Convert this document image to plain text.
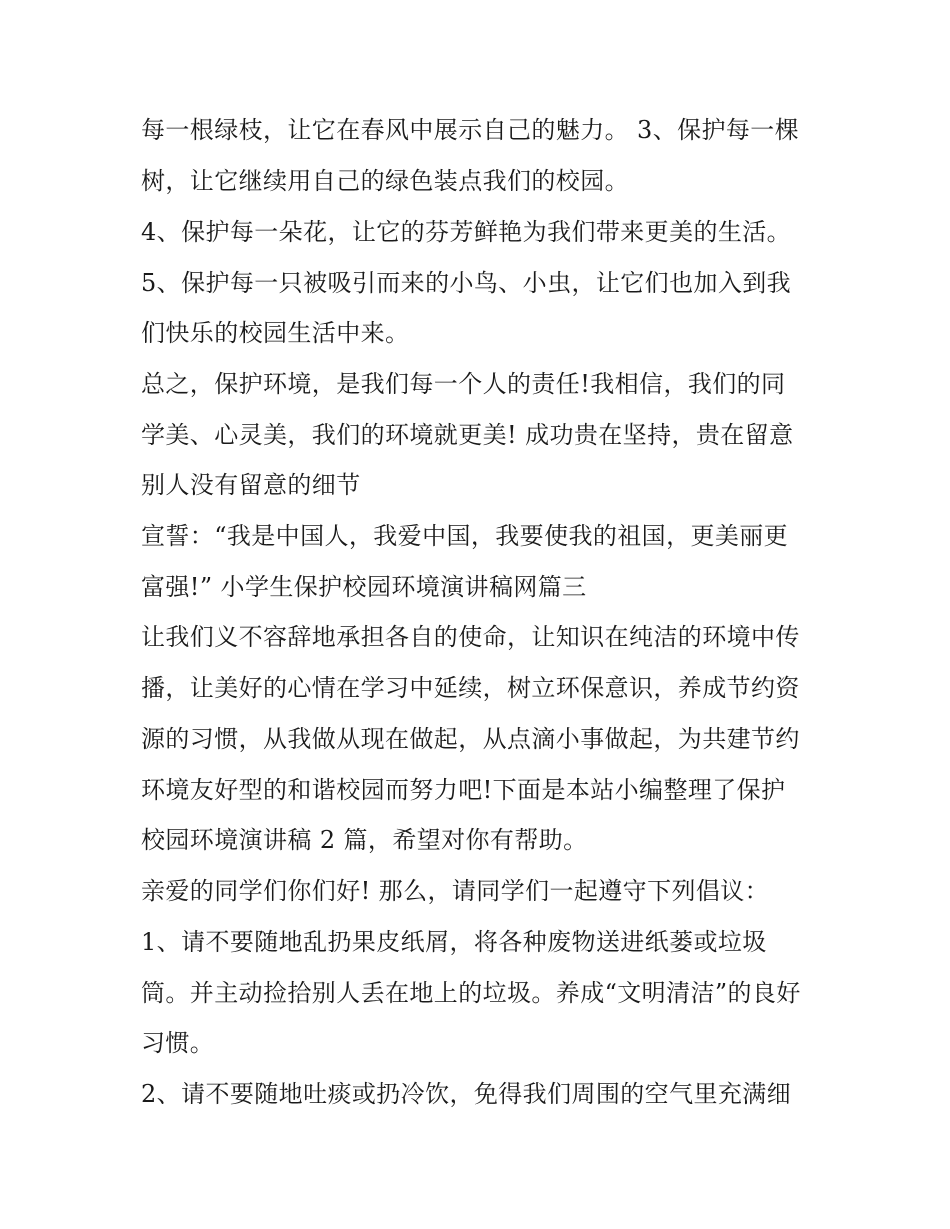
每一根绿枝，让它在春风中展示自己的魅力。 3、保护每一棵
树，让它继续用自己的绿色装点我们的校园。
4、保护每一朵花，让它的芬芳鲜艳为我们带来更美的生活。
5、保护每一只被吸引而来的小鸟、小虫，让它们也加入到我
们快乐的校园生活中来。
总之，保护环境，是我们每一个人的责任!我相信，我们的同
学美、心灵美，我们的环境就更美! 成功贵在坚持，贵在留意
别人没有留意的细节
宣誓：“我是中国人，我爱中国，我要使我的祖国，更美丽更
富强!” 小学生保护校园环境演讲稿网篇三
让我们义不容辞地承担各自的使命，让知识在纯洁的环境中传
播，让美好的心情在学习中延续，树立环保意识，养成节约资
源的习惯，从我做从现在做起，从点滴小事做起，为共建节约
环境友好型的和谐校园而努力吧!下面是本站小编整理了保护
校园环境演讲稿 2 篇，希望对你有帮助。
亲爱的同学们你们好! 那么，请同学们一起遵守下列倡议：
1、请不要随地乱扔果皮纸屑，将各种废物送进纸蒌或垃圾
筒。并主动捡拾别人丢在地上的垃圾。养成“文明清洁”的良好
习惯。
2、请不要随地吐痰或扔冷饮，免得我们周围的空气里充满细
